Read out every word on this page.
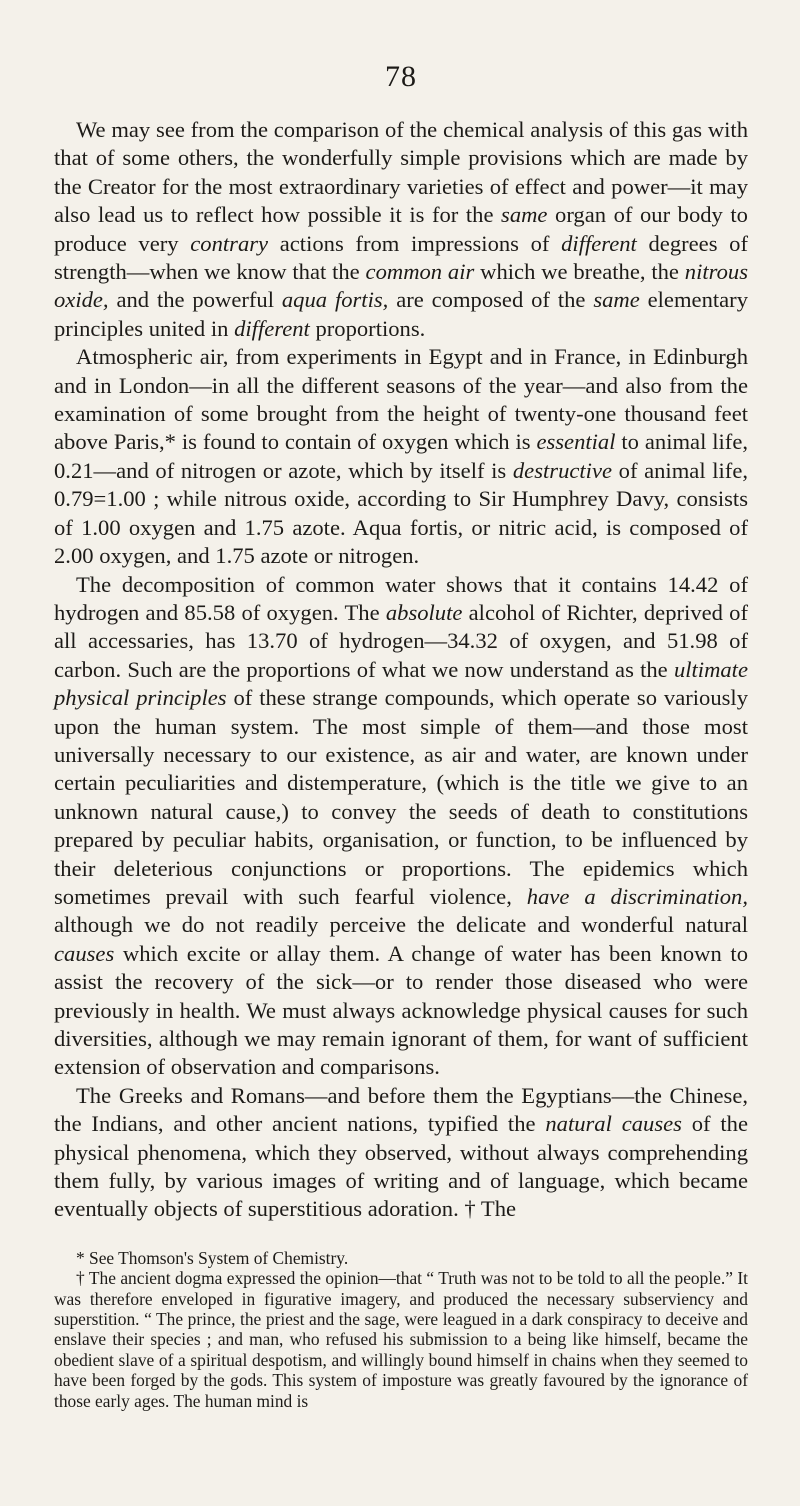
78

We may see from the comparison of the chemical analysis of this gas with that of some others, the wonderfully simple provisions which are made by the Creator for the most extraordinary varieties of effect and power—it may also lead us to reflect how possible it is for the same organ of our body to produce very contrary actions from impressions of different degrees of strength—when we know that the common air which we breathe, the nitrous oxide, and the powerful aqua fortis, are composed of the same elementary principles united in different proportions.

Atmospheric air, from experiments in Egypt and in France, in Edinburgh and in London—in all the different seasons of the year—and also from the examination of some brought from the height of twenty-one thousand feet above Paris,* is found to contain of oxygen which is essential to animal life, 0.21—and of nitrogen or azote, which by itself is destructive of animal life, 0.79=1.00 ; while nitrous oxide, according to Sir Humphrey Davy, consists of 1.00 oxygen and 1.75 azote. Aqua fortis, or nitric acid, is composed of 2.00 oxygen, and 1.75 azote or nitrogen.

The decomposition of common water shows that it contains 14.42 of hydrogen and 85.58 of oxygen. The absolute alcohol of Richter, deprived of all accessaries, has 13.70 of hydrogen—34.32 of oxygen, and 51.98 of carbon. Such are the proportions of what we now understand as the ultimate physical principles of these strange compounds, which operate so variously upon the human system. The most simple of them—and those most universally necessary to our existence, as air and water, are known under certain peculiarities and distemperature, (which is the title we give to an unknown natural cause,) to convey the seeds of death to constitutions prepared by peculiar habits, organisation, or function, to be influenced by their deleterious conjunctions or proportions. The epidemics which sometimes prevail with such fearful violence, have a discrimination, although we do not readily perceive the delicate and wonderful natural causes which excite or allay them. A change of water has been known to assist the recovery of the sick—or to render those diseased who were previously in health. We must always acknowledge physical causes for such diversities, although we may remain ignorant of them, for want of sufficient extension of observation and comparisons.

The Greeks and Romans—and before them the Egyptians—the Chinese, the Indians, and other ancient nations, typified the natural causes of the physical phenomena, which they observed, without always comprehending them fully, by various images of writing and of language, which became eventually objects of superstitious adoration. † The

* See Thomson's System of Chemistry.

† The ancient dogma expressed the opinion—that “ Truth was not to be told to all the people.” It was therefore enveloped in figurative imagery, and produced the necessary subserviency and superstition. “ The prince, the priest and the sage, were leagued in a dark conspiracy to deceive and enslave their species ; and man, who refused his submission to a being like himself, became the obedient slave of a spiritual despotism, and willingly bound himself in chains when they seemed to have been forged by the gods. This system of imposture was greatly favoured by the ignorance of those early ages. The human mind is
